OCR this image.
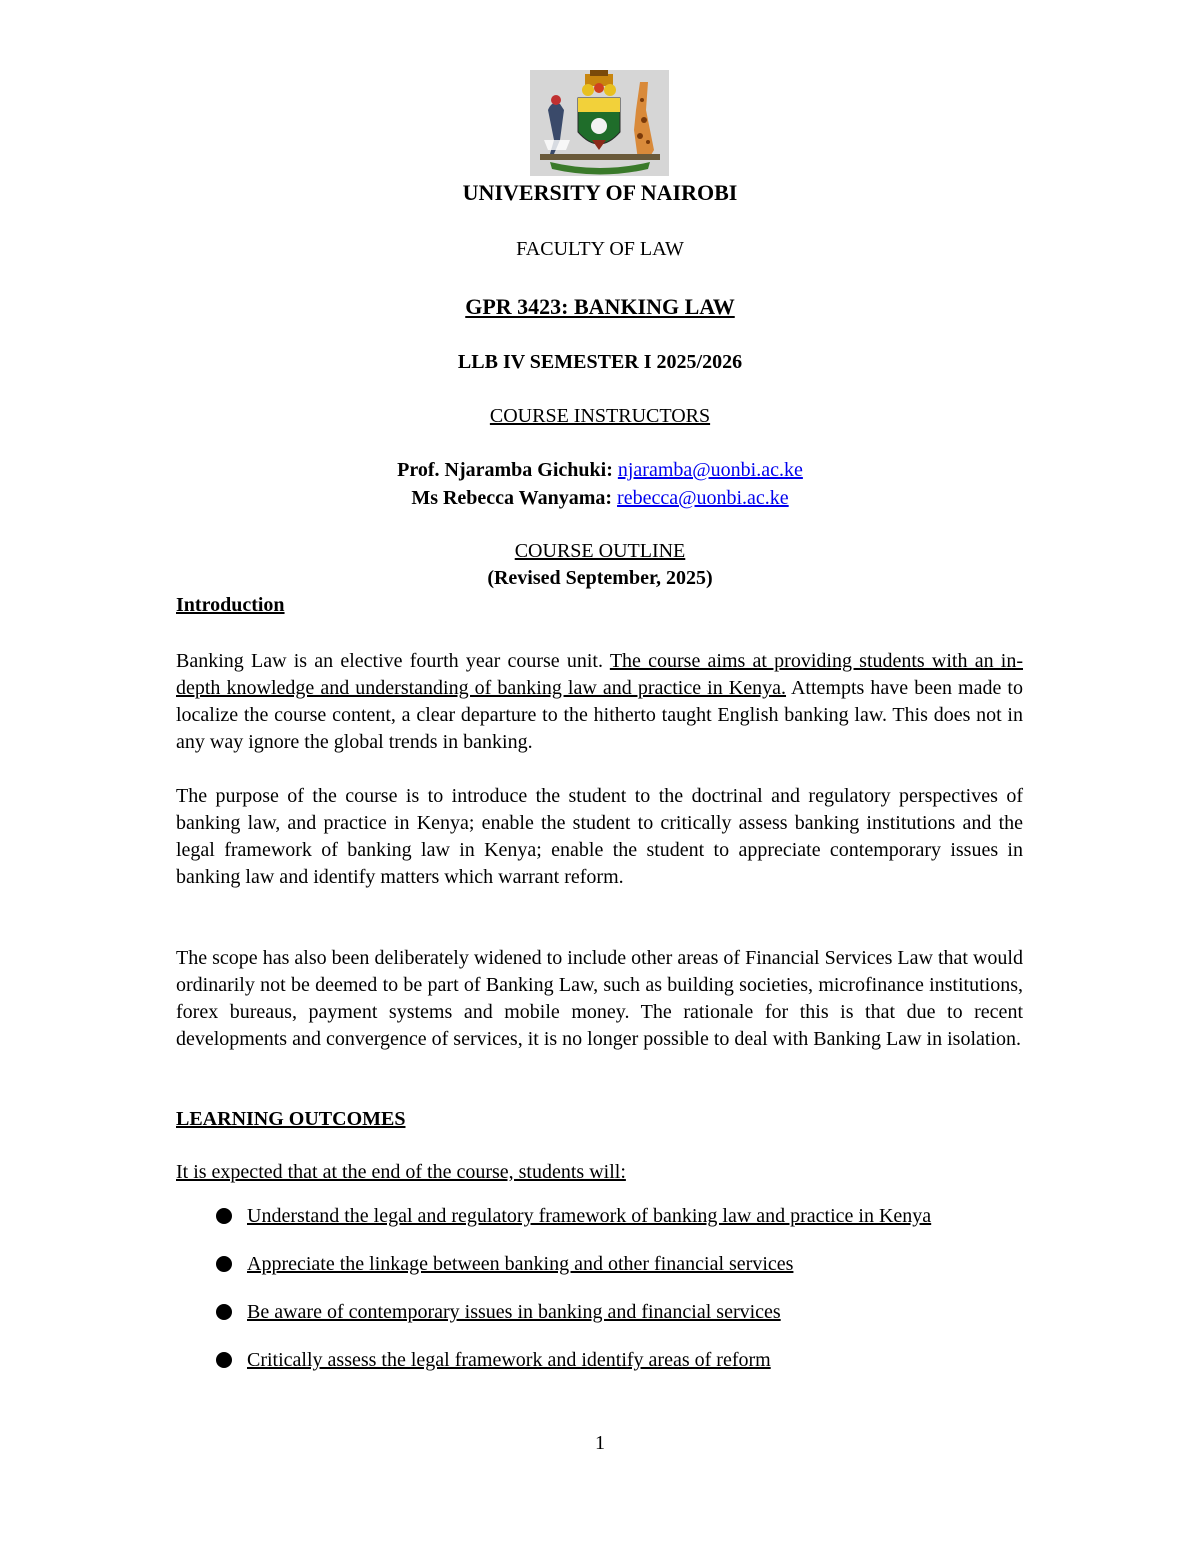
UNIVERSITY OF NAIROBI
FACULTY OF LAW
GPR 3423: BANKING LAW
LLB IV SEMESTER I 2025/2026
COURSE INSTRUCTORS
Prof. Njaramba Gichuki: njaramba@uonbi.ac.ke
Ms Rebecca Wanyama: rebecca@uonbi.ac.ke
COURSE OUTLINE
(Revised September, 2025)
Introduction
Banking Law is an elective fourth year course unit. The course aims at providing students with an in-depth knowledge and understanding of banking law and practice in Kenya. Attempts have been made to localize the course content, a clear departure to the hitherto taught English banking law. This does not in any way ignore the global trends in banking.
The purpose of the course is to introduce the student to the doctrinal and regulatory perspectives of banking law, and practice in Kenya; enable the student to critically assess banking institutions and the legal framework of banking law in Kenya; enable the student to appreciate contemporary issues in banking law and identify matters which warrant reform.
The scope has also been deliberately widened to include other areas of Financial Services Law that would ordinarily not be deemed to be part of Banking Law, such as building societies, microfinance institutions, forex bureaus, payment systems and mobile money. The rationale for this is that due to recent developments and convergence of services, it is no longer possible to deal with Banking Law in isolation.
LEARNING OUTCOMES
It is expected that at the end of the course, students will:
Understand the legal and regulatory framework of banking law and practice in Kenya
Appreciate the linkage between banking and other financial services
Be aware of contemporary issues in banking and financial services
Critically assess the legal framework and identify areas of reform
1
